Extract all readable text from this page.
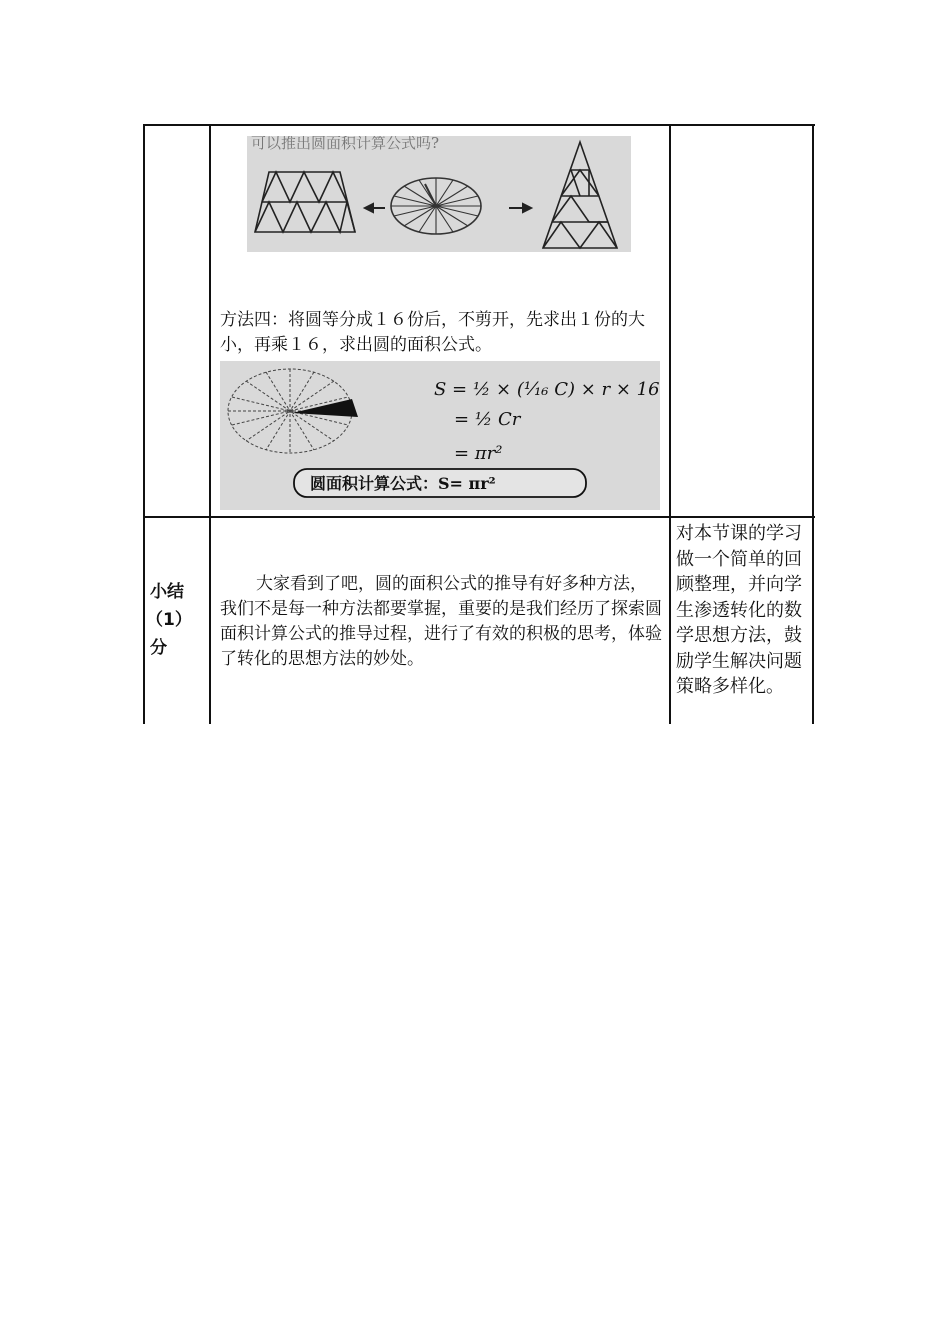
可以推出圆面积计算公式吗?
方法四：将圆等分成１６份后，不剪开，先求出１份的大小，再乘１６，求出圆的面积公式。
S = ½ × (¹⁄₁₆ C) × r × 16
= ½ Cr
= πr²
圆面积计算公式：S= πr²
小结
（1）
分
大家看到了吧，圆的面积公式的推导有好多种方法，我们不是每一种方法都要掌握，重要的是我们经历了探索圆面积计算公式的推导过程，进行了有效的积极的思考，体验了转化的思想方法的妙处。
对本节课的学习做一个简单的回顾整理，并向学生渗透转化的数学思想方法，鼓励学生解决问题策略多样化。
